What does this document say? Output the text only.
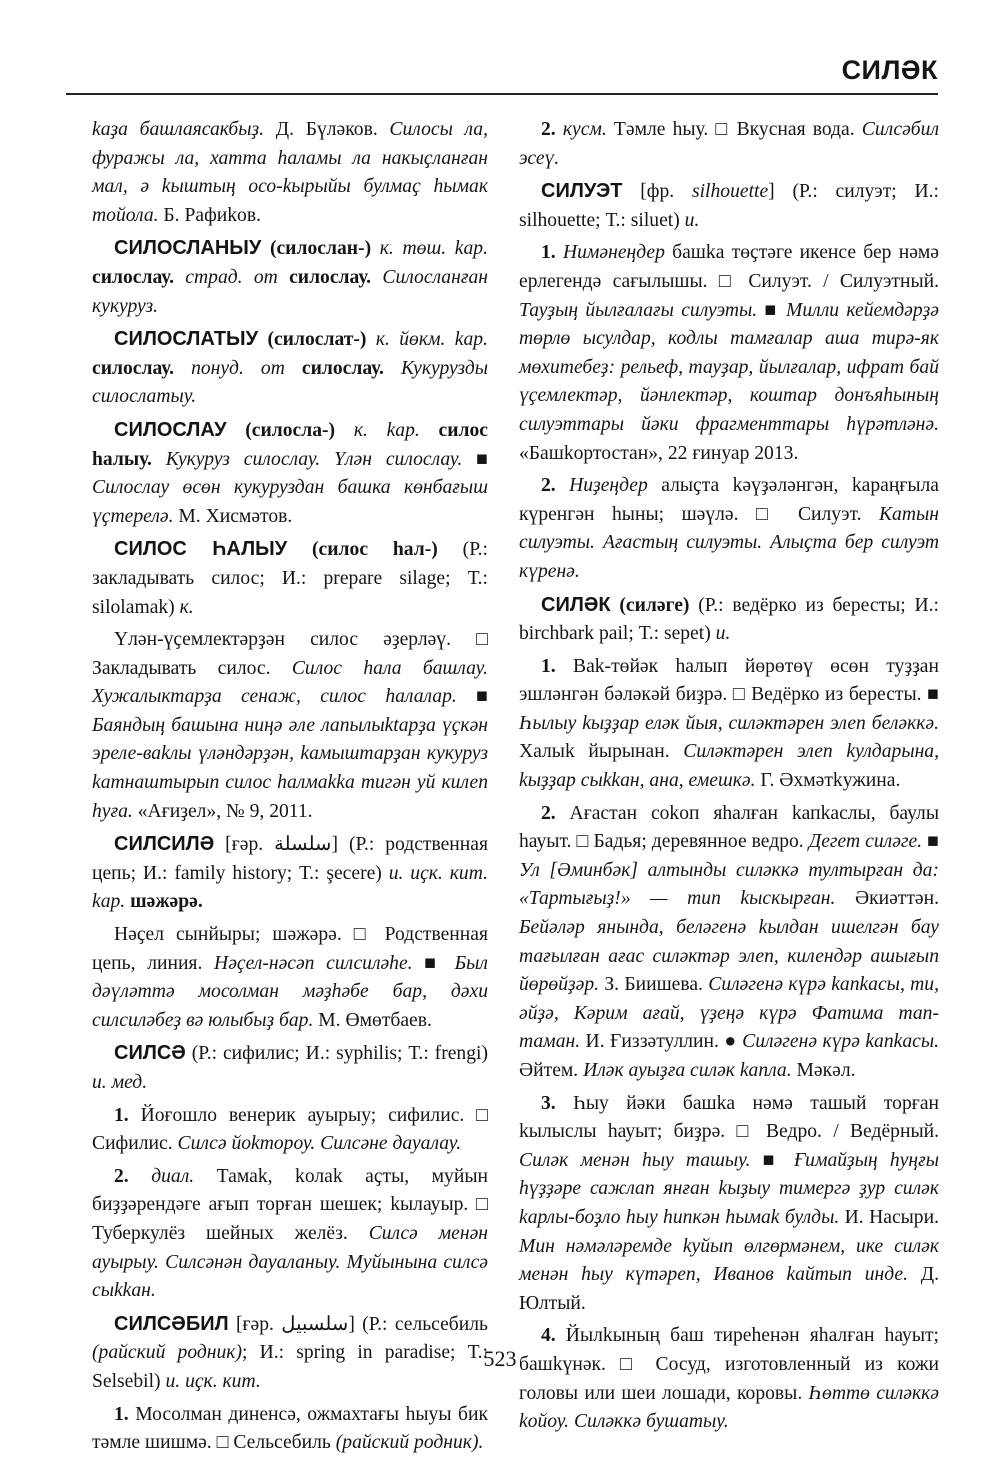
СИЛӘК

kaҙa башлаясакбыҙ. Д. Бүләков. Силосы ла, фуражы ла, хатта һаламы ла накыҫланған мал, ә kыштың осо-kырыйы булмаҫ һымак тойола. Б. Рафиkов.

СИЛОСЛАНЫУ (силослан-) к. төш. kар. силослау. страд. от силослау. Силосланған кукуруз.

СИЛОСЛАТЫУ (силослат-) к. йөкм. kар. силослау. понуд. от силослау. Кукурузды силослатыу.

СИЛОСЛАУ (силосла-) к. kар. силос һалыу. Кукуруз силослау. Үлән силослау. ■ Силослау өсөн кукуруздан башка көнбағыш үҫтерелә. М. Хисмәтов.

СИЛОС ҺАЛЫУ (силос һал-) (Р.: закладывать силос; И.: prepare silage; Т.: silolamak) к.

Үлән-үҫемлектәрҙән силос әҙерләү. □ Закладывать силос. Силос һала башлау. Хужалыктарҙа сенаж, силос һалалар. ■ Баяндың башына ниңә әле лапылыktарҙа үҫкән эреле-ваkлы үләндәрҙән, kамыштарҙан кукуруз kатнаштырып силос һалмаkka тигән уй килеп һуға. «Ағиҙел», № 9, 2011.

СИЛСИЛӘ [ғәр. سلسلة] (Р.: родственная цепь; И.: family history; Т.: şecere) и. иҫк. кит. kар. шәжәрә.

Нәҫел сынйыры; шәжәрә. □ Родственная цепь, линия. Нәҫел-нәсәп силсиләһе. ■ Был дәүләттә мосолман мәҙһәбе бар, дәхи силсиләбеҙ вә юлыбыҙ бар. М. Өмөтбаев.

СИЛСӘ (Р.: сифилис; И.: syphilis; Т.: frengi) и. мед.

1. Йоғошло венерик ауырыу; сифилис. □ Сифилис. Силсә йоkтороу. Силсәне дауалау.

2. диал. Тамаk, kолаk аҫты, муйын биҙҙәрендәге ағып торған шешек; kылауыр. □ Туберкулёз шейных желёз. Силсә менән ауырыу. Силсәнән дауаланыу. Муйынына силсә сыkkан.

СИЛСӘБИЛ [ғәр. سلسبيل] (Р.: сельсебиль (райский родник); И.: spring in paradise; Т.: Selsebil) и. иҫк. кит.

1. Мосолман диненсә, ожмахтағы һыуы бик тәмле шишмә. □ Сельсебиль (райский родник).

2. кусм. Тәмле һыу. □ Вкусная вода. Силсәбил эсеү.

СИЛУЭТ [фр. silhouette] (Р.: силуэт; И.: silhouette; Т.: siluet) и.

1. Нимәнеңдер башkа төҫтәге икенсе бер нәмә ерлегендә сағылышы. □ Силуэт. / Силуэтный. Тауҙың йылғалағы силуэты. ■ Милли кейемдәрҙә төрлө ысулдар, кодлы тамғалар аша тирә-як мөхитебеҙ: рельеф, тауҙар, йылғалар, ифрат бай үҫемлектәр, йәнлектәр, коштар донъяһының силуэттары йәки фрагменттары һүрәтләнә. «Башkортостан», 22 ғинуар 2013.

2. Ниҙеңдер алыҫта kәүҙәләнгән, kараңғыла күренгән һыны; шәүлә. □ Силуэт. Kатын силуэты. Ағастың силуэты. Алыҫта бер силуэт күренә.

СИЛӘК (силәге) (Р.: ведёрко из бересты; И.: birchbark pail; Т.: sepet) и.

1. Ваk-төйәк һалып йөрөтөү өсөн туҙҙан эшләнгән бәләкәй биҙрә. □ Ведёрко из бересты. ■ Һылыу kыҙҙар еләк йыя, силәктәрен элеп беләккә. Халыk йырынан. Силәктәрен элеп kулдарына, kыҙҙар сыkkан, ана, емешкә. Г. Әхмәтkужина.

2. Ағастан соkоп яһалған kапkаслы, баулы һауыт. □ Бадья; деревянное ведро. Дегет силәге. ■ Ул [Әминбәк] алтынды силәккә тултырған да: «Тартығыҙ!» — тип kыскырған. Әкиәттән. Бейәләр янында, беләгенә kылдан ишелгән бау тағылған ағас силәктәр элеп, килендәр ашығып йөрөйҙәр. З. Биишева. Силәгенә күрә kапkасы, ти, әйҙә, Кәрим ағай, үҙеңә күрә Фатима тап-таман. И. Ғиззәтуллин. ● Силәгенә күрә kапkасы. Әйтем. Иләк ауыҙға силәк kапла. Мәкәл.

3. Һыу йәки башkа нәмә ташый торған kылыслы һауыт; биҙрә. □ Ведро. / Ведёрный. Силәк менән һыу ташыу. ■ Ғимайҙың һуңғы һүҙҙәре сажлап янған kыҙыу тимергә ҙур силәк kарлы-боҙло һыу һипкән һымаk булды. И. Насыри. Мин нәмәләремде kуйып өлгөрмәнем, ике силәк менән һыу күтәреп, Иванов kайтып инде. Д. Юлтый.

4. Йылkының баш тиреһенән яһалған һауыт; башkүнәк. □ Сосуд, изготовленный из кожи головы или шеи лошади, коровы. Һөттө силәккә kойоу. Силәккә бушатыу.

523
